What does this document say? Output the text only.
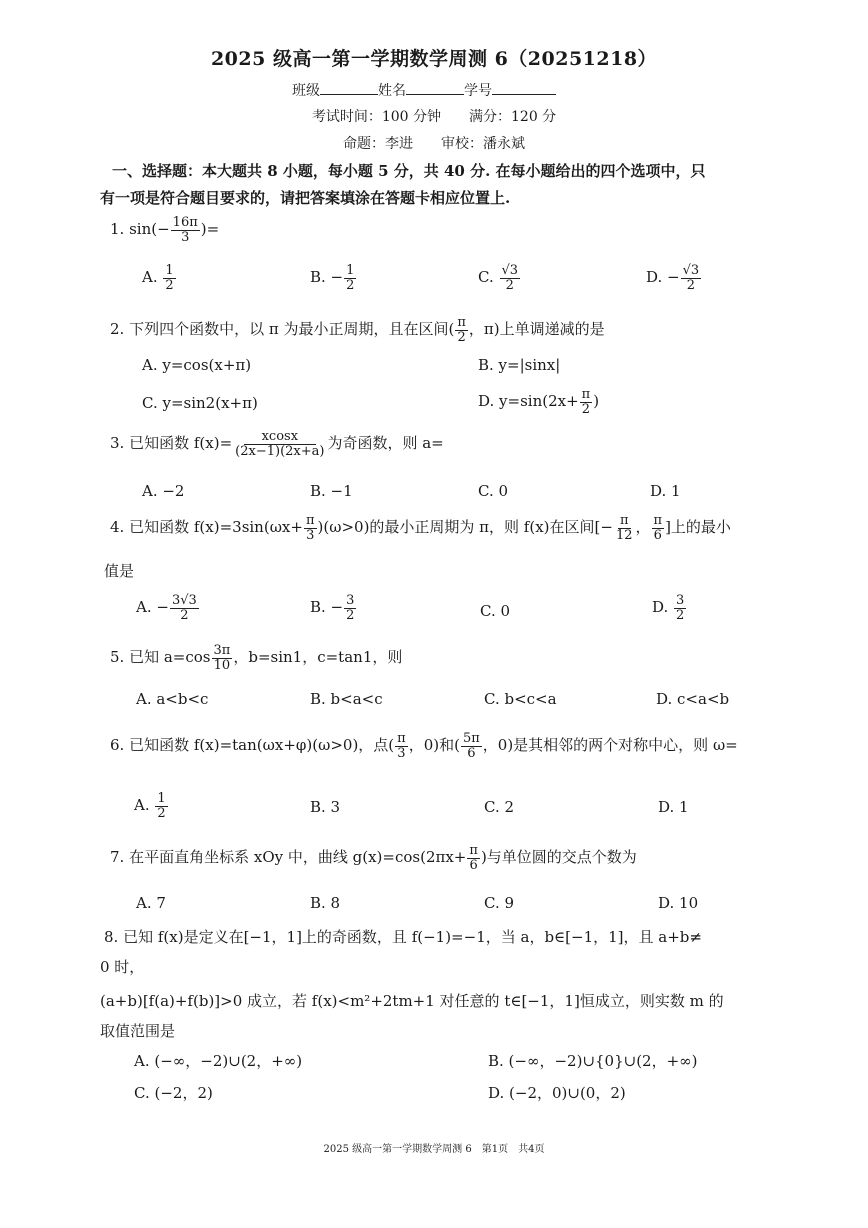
2025 级高一第一学期数学周测 6（20251218）
班级	姓名	学号
考试时间：100 分钟　　满分：120 分
命题：李进　　审校：潘永斌
一、选择题：本大题共 8 小题，每小题 5 分，共 40 分. 在每小题给出的四个选项中，只
有一项是符合题目要求的，请把答案填涂在答题卡相应位置上.
1. $\sin(- \frac{16\pi}{3}$ )=
A. $\frac{1}{2}$	B. − $\frac{1}{2}$	C. $\frac{√3}{2}$	D. − $\frac{√3}{2}$
2. 下列四个函数中，以 π 为最小正周期，且在区间( $\frac{\pi}{2}$ ，π)上单调递减的是
A. y=cos(x+π)	B. y=|sinx|
C. y=sin2(x+π)	D. $y=\sin(2x+ \frac{\pi}{2}$ )
3. 已知函数 $f(x)= \frac{xcosx}{(2x-1)(2x+a)}$ 为奇函数，则 a=
A. −2	B. −1	C. 0	D. 1
4. 已知函数 $f(x)=3\sin(\omega x+ \frac{\pi}{3} )(\omega>0)$的最小正周期为 π，则 f(x)在区间[− $\frac{\pi}{12}$ ， $\frac{\pi}{6}$ ]上的最小
值是
A. − $\frac{3√3}{2}$	B. − $\frac{3}{2}$	C. 0	D. $\frac{3}{2}$
5. 已知 $a=\cos \frac{3\pi}{10}$ ，b=sin1，c=tan1，则
A. a<b<c	B. b<a<c	C. b<c<a	D. c<a<b
6. 已知函数 f(x)=tan(ωx+φ)(ω>0)，点( $\frac{\pi}{3}$ ，0)和( $\frac{5\pi}{6}$ ，0)是其相邻的两个对称中心，则 ω=
A. $\frac{1}{2}$	B. 3	C. 2	D. 1
7. 在平面直角坐标系 xOy 中，曲线 $g(x)=\cos(2\pi x+ \frac{\pi}{6}$ )与单位圆的交点个数为
A. 7	B. 8	C. 9	D. 10
8. 已知 f(x)是定义在[−1，1]上的奇函数，且 f(−1)=−1，当 a，b∈[−1，1]，且 a+b≠
0 时，
(a+b)[f(a)+f(b)]>0 成立，若 f(x)<m²+2tm+1 对任意的 t∈[−1，1]恒成立，则实数 m 的
取值范围是
A. (−∞，−2)∪(2，+∞)	B. (−∞，−2)∪{0}∪(2，+∞)
C. (−2，2)	D. (−2，0)∪(0，2)
2025 级高一第一学期数学周测 6　第1页　共4页
